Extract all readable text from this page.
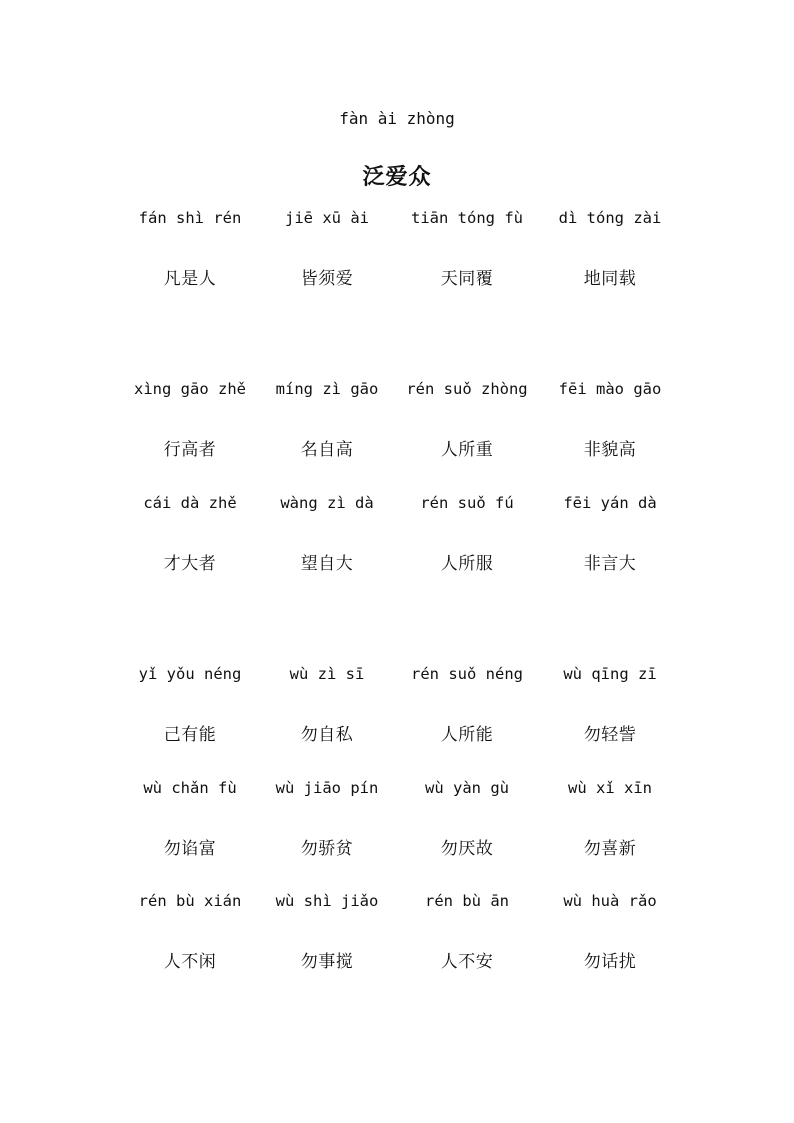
fàn ài zhòng
泛爱众
fán shì rén	jiē xū ài	tiān tóng fù	dì tóng zài
凡是人	皆须爱	天同覆	地同载
xìng gāo zhě	míng zì gāo	rén suǒ zhòng	fēi mào gāo
行高者	名自高	人所重	非貌高
cái dà zhě	wàng zì dà	rén suǒ fú	fēi yán dà
才大者	望自大	人所服	非言大
yǐ yǒu néng	wù zì sī	rén suǒ néng	wù qīng zī
己有能	勿自私	人所能	勿轻訾
wù chǎn fù	wù jiāo pín	wù yàn gù	wù xǐ xīn
勿谄富	勿骄贫	勿厌故	勿喜新
rén bù xián	wù shì jiǎo	rén bù ān	wù huà rǎo
人不闲	勿事搅	人不安	勿话扰
